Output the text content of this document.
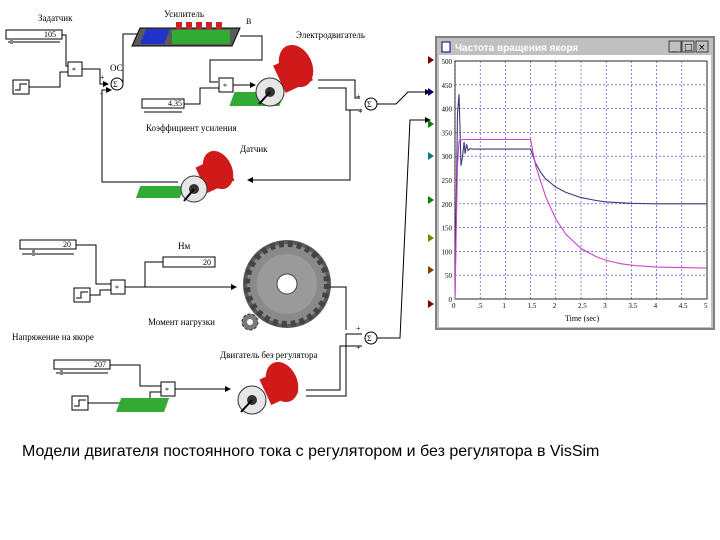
Задатчик
105
*
Σ
ОС
Усилитель
B
*
4.35
Коэффициент усиления
Электродвигатель
Σ
+
+
Датчик
+
-
20
*
Нм
20
Момент нагрузки
Напряжение на якоре
207
*
Двигатель без регулятора
Σ
+
+
Частота вращения якоря	_ □ ×
0	.5	1	1.5 2	2.5 3	3.5 4	4.5 5
0
50
100
150
200
250
300
350
400
450
500
Time (sec)
Модели двигателя постоянного тока с регулятором и без регулятора в VisSim
